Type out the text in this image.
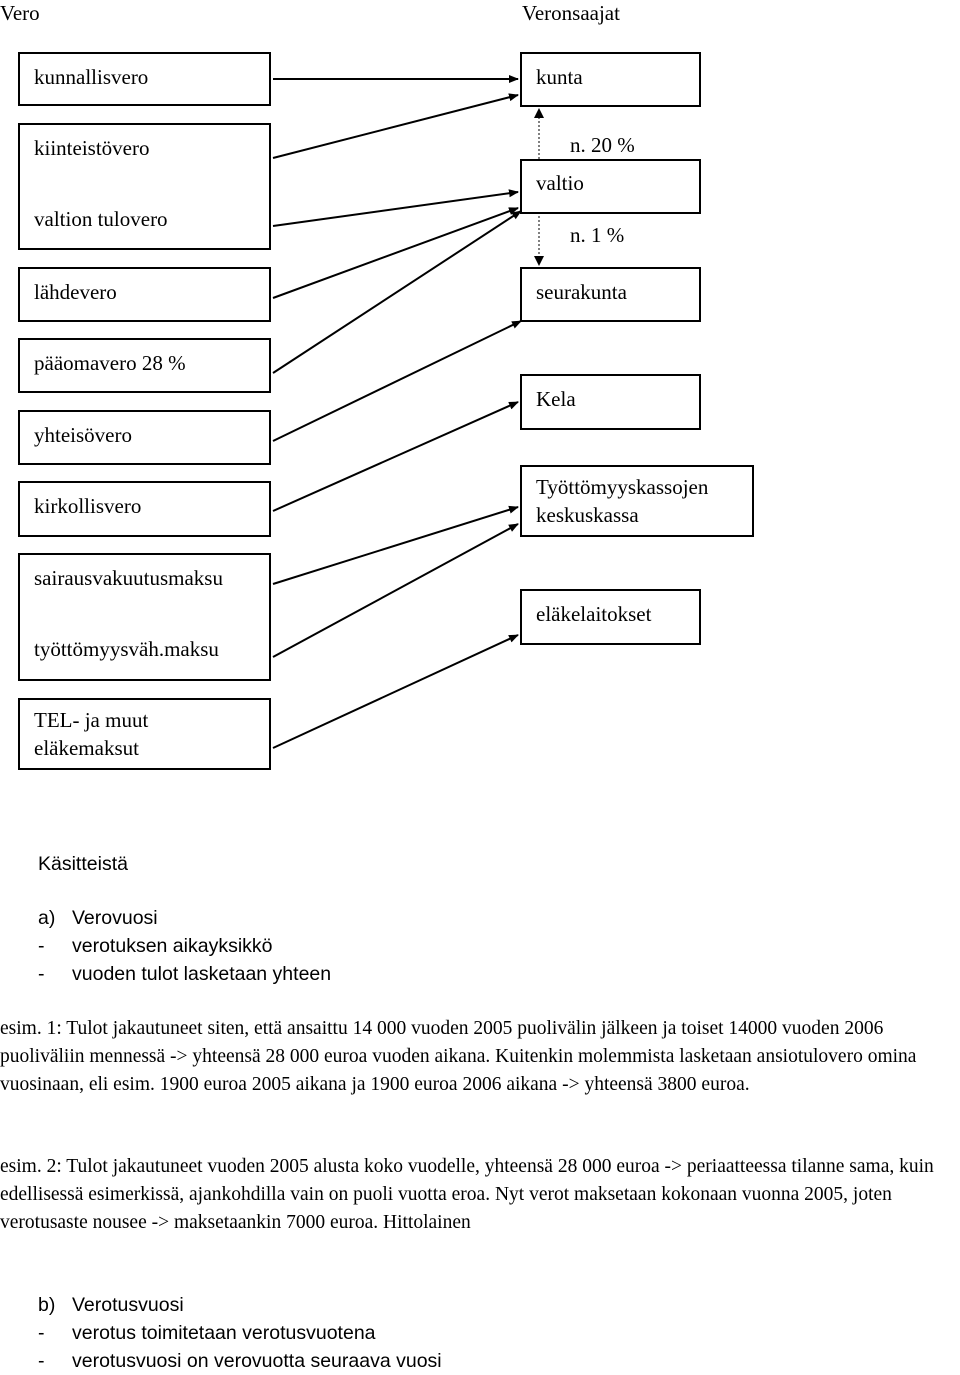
Vero	Veronsaajat
kunnallisvero
kiinteistövero
valtion tulovero
lähdevero
pääomavero 28 %
yhteisövero
kirkollisvero
sairausvakuutusmaksu
työttömyysväh.maksu
TEL- ja muut
eläkemaksut
kunta
n. 20 %
valtio
n. 1 %
seurakunta
Kela
Työttömyyskassojen
keskuskassa
eläkelaitokset
Käsitteistä
a) Verovuosi
-	verotuksen aikayksikkö
-	vuoden tulot lasketaan yhteen

esim. 1: Tulot jakautuneet siten, että ansaittu 14 000 vuoden 2005 puolivälin jälkeen ja toiset 14000 vuoden 2006 puoliväliin mennessä -> yhteensä 28 000 euroa vuoden aikana. Kuitenkin molemmista lasketaan ansiotulovero omina vuosinaan, eli esim. 1900 euroa 2005 aikana ja 1900 euroa 2006 aikana -> yhteensä 3800 euroa.

esim. 2: Tulot jakautuneet vuoden 2005 alusta koko vuodelle, yhteensä 28 000 euroa -> periaatteessa tilanne sama, kuin edellisessä esimerkissä, ajankohdilla vain on puoli vuotta eroa. Nyt verot maksetaan kokonaan vuonna 2005, joten verotusaste nousee -> maksetaankin 7000 euroa. Hittolainen

b) Verotusvuosi
-	verotus toimitetaan verotusvuotena
-	verotusvuosi on verovuotta seuraava vuosi
